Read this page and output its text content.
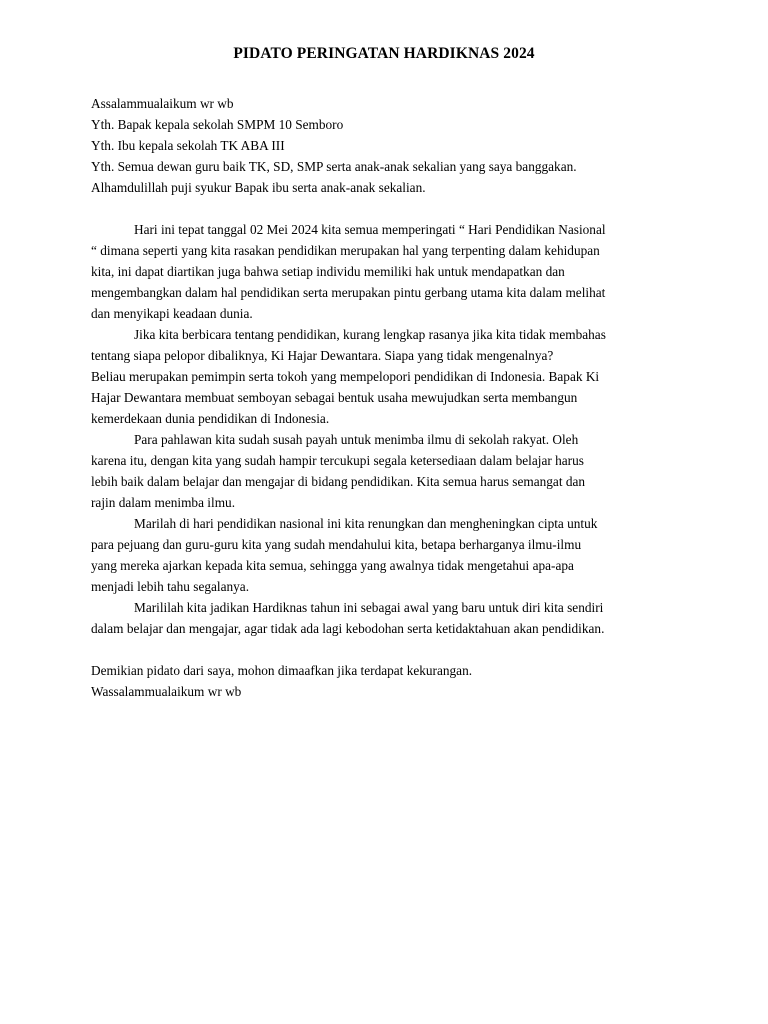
PIDATO PERINGATAN HARDIKNAS 2024
Assalammualaikum wr wb
Yth. Bapak kepala sekolah SMPM 10 Semboro
Yth. Ibu kepala sekolah TK ABA III
Yth. Semua dewan guru baik TK, SD, SMP serta anak-anak sekalian yang saya banggakan.
Alhamdulillah puji syukur Bapak ibu serta anak-anak sekalian.
Hari ini tepat tanggal 02 Mei 2024 kita semua memperingati “ Hari Pendidikan Nasional
“ dimana seperti yang kita rasakan pendidikan merupakan hal yang terpenting dalam kehidupan
kita, ini dapat diartikan juga bahwa setiap individu memiliki hak untuk mendapatkan dan
mengembangkan dalam hal pendidikan serta merupakan pintu gerbang utama kita dalam melihat
dan menyikapi keadaan dunia.
Jika kita berbicara tentang pendidikan, kurang lengkap rasanya jika kita tidak membahas
tentang siapa pelopor dibaliknya, Ki Hajar Dewantara. Siapa yang tidak mengenalnya?
Beliau merupakan pemimpin serta tokoh yang mempelopori pendidikan di Indonesia. Bapak Ki
Hajar Dewantara membuat semboyan sebagai bentuk usaha mewujudkan serta membangun
kemerdekaan dunia pendidikan di Indonesia.
Para pahlawan kita sudah susah payah untuk menimba ilmu di sekolah rakyat. Oleh
karena itu, dengan kita yang sudah hampir tercukupi segala ketersediaan dalam belajar harus
lebih baik dalam belajar dan mengajar di bidang pendidikan. Kita semua harus semangat dan
rajin dalam menimba ilmu.
Marilah di hari pendidikan nasional ini kita renungkan dan mengheningkan cipta untuk
para pejuang dan guru-guru kita yang sudah mendahului kita, betapa berharganya ilmu-ilmu
yang mereka ajarkan kepada kita semua, sehingga yang awalnya tidak mengetahui apa-apa
menjadi lebih tahu segalanya.
Marililah kita jadikan Hardiknas tahun ini sebagai awal yang baru untuk diri kita sendiri
dalam belajar dan mengajar, agar tidak ada lagi kebodohan serta ketidaktahuan akan pendidikan.
Demikian pidato dari saya, mohon dimaafkan jika terdapat kekurangan.
Wassalammualaikum wr wb
